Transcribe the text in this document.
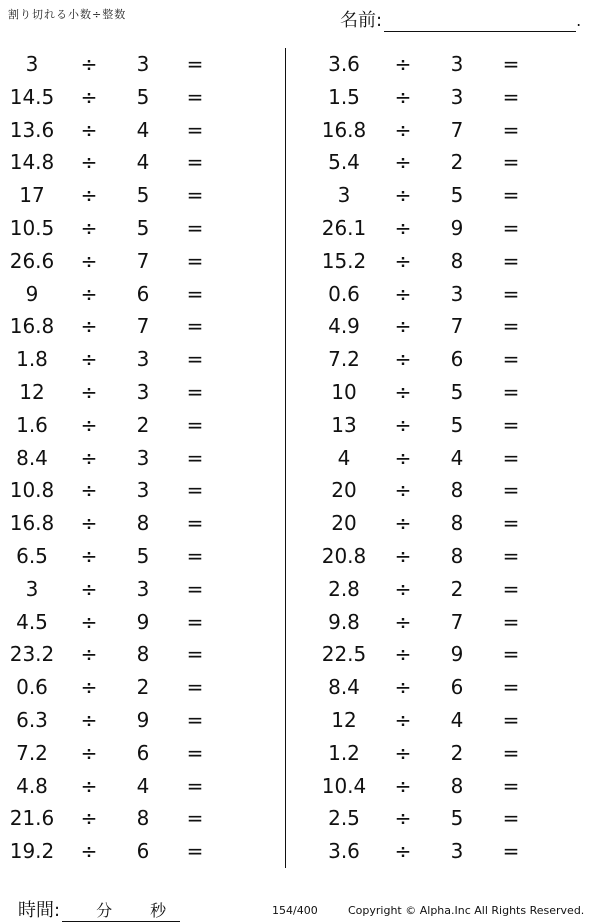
割り切れる小数÷整数	名前:	.
3	÷	3	=
14.5	÷	5	=
13.6	÷	4	=
14.8	÷	4	=
17	÷	5	=
10.5	÷	5	=
26.6	÷	7	=
9	÷	6	=
16.8	÷	7	=
1.8	÷	3	=
12	÷	3	=
1.6	÷	2	=
8.4	÷	3	=
10.8	÷	3	=
16.8	÷	8	=
6.5	÷	5	=
3	÷	3	=
4.5	÷	9	=
23.2	÷	8	=
0.6	÷	2	=
6.3	÷	9	=
7.2	÷	6	=
4.8	÷	4	=
21.6	÷	8	=
19.2	÷	6	=
3.6	÷	3	=
1.5	÷	3	=
16.8	÷	7	=
5.4	÷	2	=
3	÷	5	=
26.1	÷	9	=
15.2	÷	8	=
0.6	÷	3	=
4.9	÷	7	=
7.2	÷	6	=
10	÷	5	=
13	÷	5	=
4	÷	4	=
20	÷	8	=
20	÷	8	=
20.8	÷	8	=
2.8	÷	2	=
9.8	÷	7	=
22.5	÷	9	=
8.4	÷	6	=
12	÷	4	=
1.2	÷	2	=
10.4	÷	8	=
2.5	÷	5	=
3.6	÷	3	=
時間: 分 秒	154/400	Copyright © Alpha.Inc All Rights Reserved.
